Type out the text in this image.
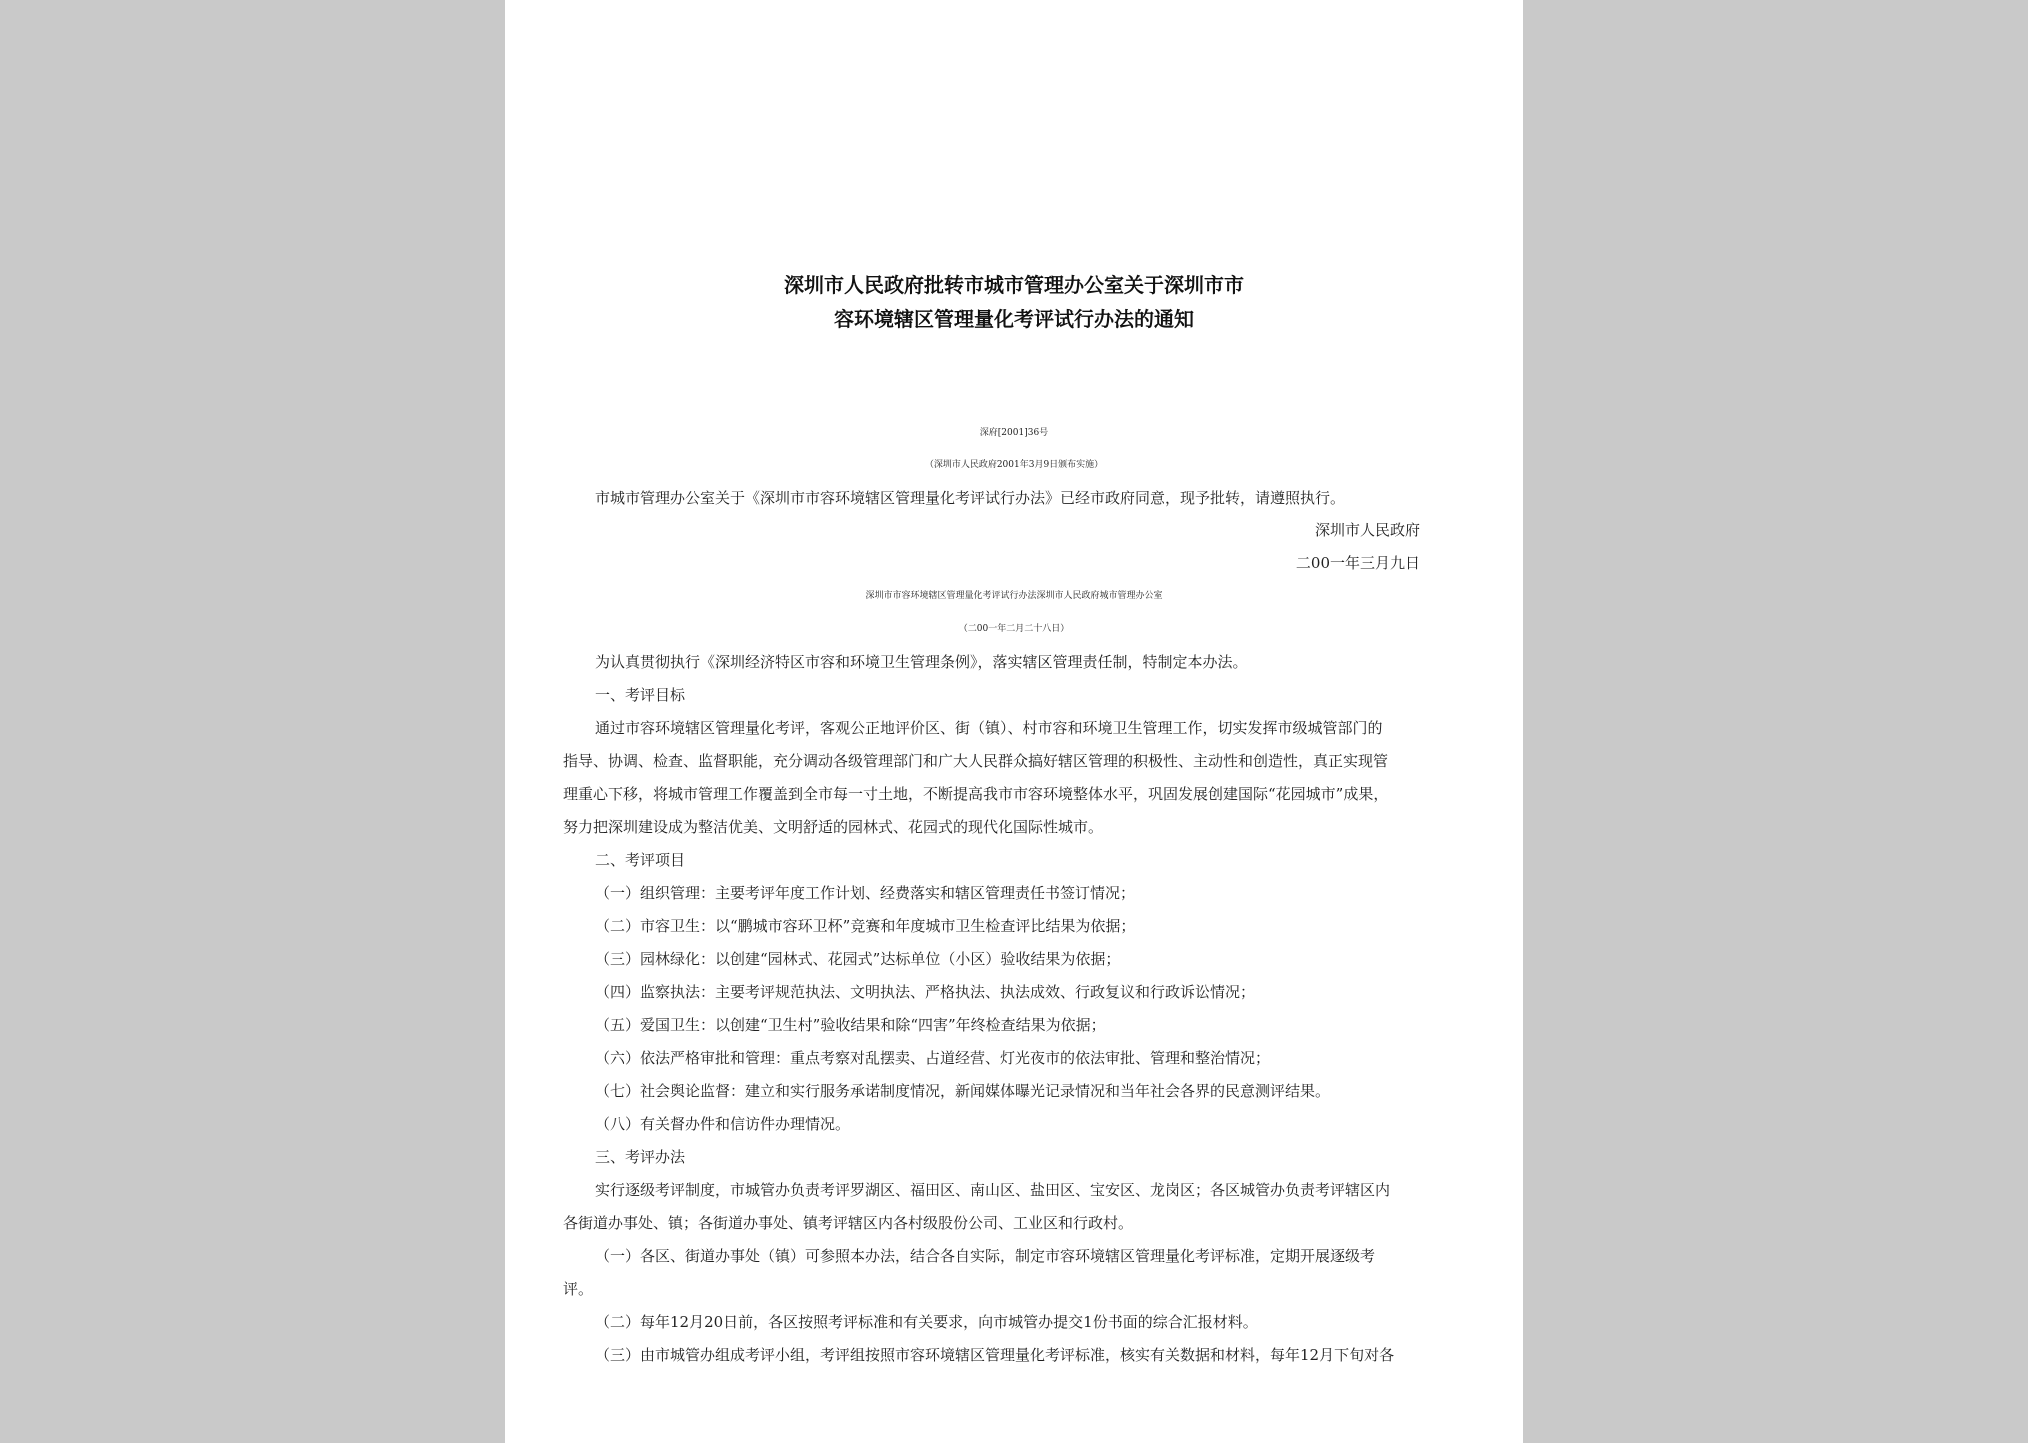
深圳市人民政府批转市城市管理办公室关于深圳市市
容环境辖区管理量化考评试行办法的通知
深府[2001]36号
（深圳市人民政府2001年3月9日颁布实施）
市城市管理办公室关于《深圳市市容环境辖区管理量化考评试行办法》已经市政府同意，现予批转，请遵照执行。
深圳市人民政府
二00一年三月九日
深圳市市容环境辖区管理量化考评试行办法深圳市人民政府城市管理办公室
（二00一年二月二十八日）
为认真贯彻执行《深圳经济特区市容和环境卫生管理条例》，落实辖区管理责任制，特制定本办法。
一、考评目标
通过市容环境辖区管理量化考评，客观公正地评价区、街（镇）、村市容和环境卫生管理工作，切实发挥市级城管部门的
指导、协调、检查、监督职能，充分调动各级管理部门和广大人民群众搞好辖区管理的积极性、主动性和创造性，真正实现管
理重心下移，将城市管理工作覆盖到全市每一寸土地，不断提高我市市容环境整体水平，巩固发展创建国际“花园城市”成果，
努力把深圳建设成为整洁优美、文明舒适的园林式、花园式的现代化国际性城市。
二、考评项目
（一）组织管理：主要考评年度工作计划、经费落实和辖区管理责任书签订情况；
（二）市容卫生：以“鹏城市容环卫杯”竞赛和年度城市卫生检查评比结果为依据；
（三）园林绿化：以创建“园林式、花园式”达标单位（小区）验收结果为依据；
（四）监察执法：主要考评规范执法、文明执法、严格执法、执法成效、行政复议和行政诉讼情况；
（五）爱国卫生：以创建“卫生村”验收结果和除“四害”年终检查结果为依据；
（六）依法严格审批和管理：重点考察对乱摆卖、占道经营、灯光夜市的依法审批、管理和整治情况；
（七）社会舆论监督：建立和实行服务承诺制度情况，新闻媒体曝光记录情况和当年社会各界的民意测评结果。
（八）有关督办件和信访件办理情况。
三、考评办法
实行逐级考评制度，市城管办负责考评罗湖区、福田区、南山区、盐田区、宝安区、龙岗区；各区城管办负责考评辖区内
各街道办事处、镇；各街道办事处、镇考评辖区内各村级股份公司、工业区和行政村。
（一）各区、街道办事处（镇）可参照本办法，结合各自实际，制定市容环境辖区管理量化考评标准，定期开展逐级考
评。
（二）每年12月20日前，各区按照考评标准和有关要求，向市城管办提交1份书面的综合汇报材料。
（三）由市城管办组成考评小组，考评组按照市容环境辖区管理量化考评标准，核实有关数据和材料，每年12月下旬对各
